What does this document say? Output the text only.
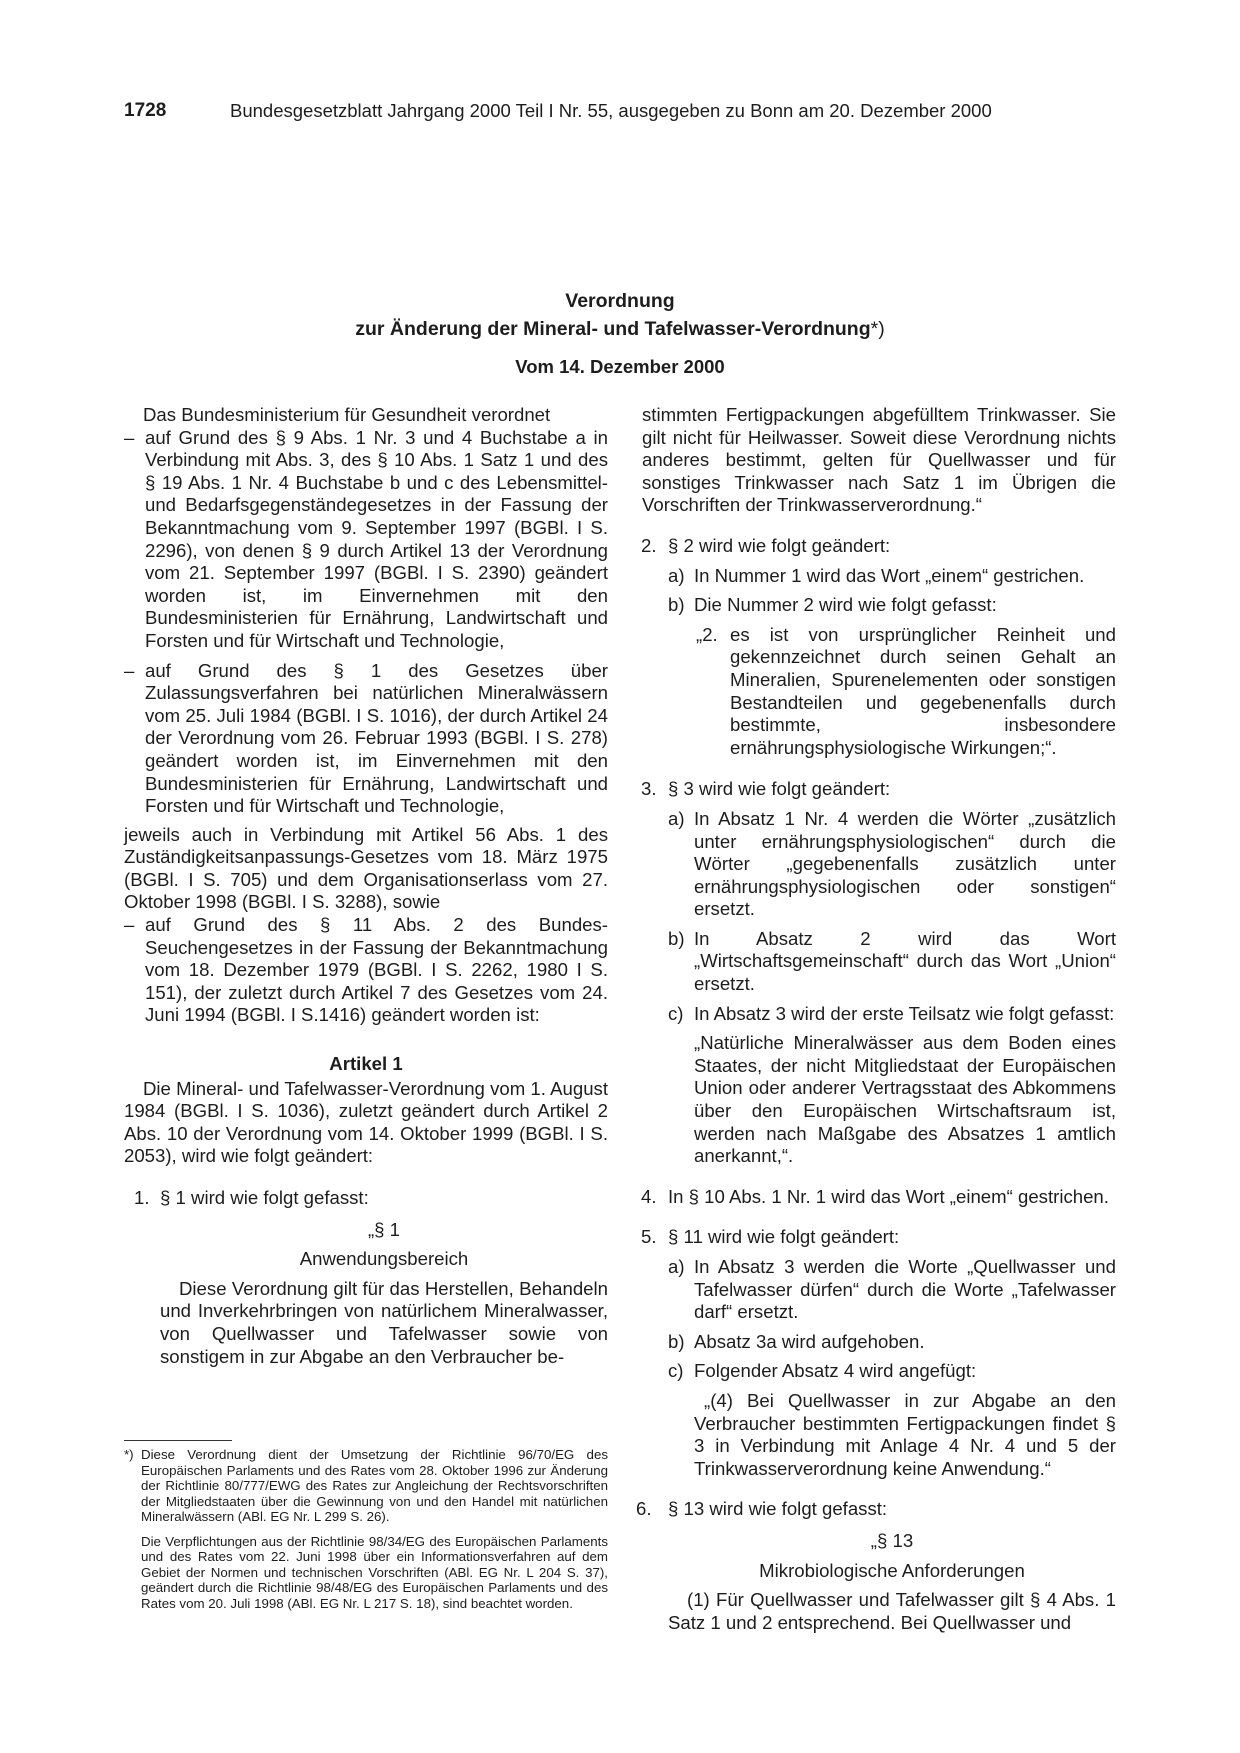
1728	Bundesgesetzblatt Jahrgang 2000 Teil I Nr. 55, ausgegeben zu Bonn am 20. Dezember 2000
Verordnung
zur Änderung der Mineral- und Tafelwasser-Verordnung*)
Vom 14. Dezember 2000

Das Bundesministerium für Gesundheit verordnet

– auf Grund des § 9 Abs. 1 Nr. 3 und 4 Buchstabe a in Verbindung mit Abs. 3, des § 10 Abs. 1 Satz 1 und des § 19 Abs. 1 Nr. 4 Buchstabe b und c des Lebensmittel- und Bedarfsgegenständegesetzes in der Fassung der Bekanntmachung vom 9. September 1997 (BGBl. I S. 2296), von denen § 9 durch Artikel 13 der Verordnung vom 21. September 1997 (BGBl. I S. 2390) geändert worden ist, im Einvernehmen mit den Bundesministerien für Ernährung, Landwirtschaft und Forsten und für Wirtschaft und Technologie,

– auf Grund des § 1 des Gesetzes über Zulassungsverfahren bei natürlichen Mineralwässern vom 25. Juli 1984 (BGBl. I S. 1016), der durch Artikel 24 der Verordnung vom 26. Februar 1993 (BGBl. I S. 278) geändert worden ist, im Einvernehmen mit den Bundesministerien für Ernährung, Landwirtschaft und Forsten und für Wirtschaft und Technologie,

jeweils auch in Verbindung mit Artikel 56 Abs. 1 des Zuständigkeitsanpassungs-Gesetzes vom 18. März 1975 (BGBl. I S. 705) und dem Organisationserlass vom 27. Oktober 1998 (BGBl. I S. 3288), sowie

– auf Grund des § 11 Abs. 2 des Bundes-Seuchengesetzes in der Fassung der Bekanntmachung vom 18. Dezember 1979 (BGBl. I S. 2262, 1980 I S. 151), der zuletzt durch Artikel 7 des Gesetzes vom 24. Juni 1994 (BGBl. I S.1416) geändert worden ist:

Artikel 1

Die Mineral- und Tafelwasser-Verordnung vom 1. August 1984 (BGBl. I S. 1036), zuletzt geändert durch Artikel 2 Abs. 10 der Verordnung vom 14. Oktober 1999 (BGBl. I S. 2053), wird wie folgt geändert:

1. § 1 wird wie folgt gefasst:

„§ 1

Anwendungsbereich

Diese Verordnung gilt für das Herstellen, Behandeln und Inverkehrbringen von natürlichem Mineralwasser, von Quellwasser und Tafelwasser sowie von sonstigem in zur Abgabe an den Verbraucher be-

*) Diese Verordnung dient der Umsetzung der Richtlinie 96/70/EG des Europäischen Parlaments und des Rates vom 28. Oktober 1996 zur Änderung der Richtlinie 80/777/EWG des Rates zur Angleichung der Rechtsvorschriften der Mitgliedstaaten über die Gewinnung von und den Handel mit natürlichen Mineralwässern (ABl. EG Nr. L 299 S. 26).

Die Verpflichtungen aus der Richtlinie 98/34/EG des Europäischen Parlaments und des Rates vom 22. Juni 1998 über ein Informationsverfahren auf dem Gebiet der Normen und technischen Vorschriften (ABl. EG Nr. L 204 S. 37), geändert durch die Richtlinie 98/48/EG des Europäischen Parlaments und des Rates vom 20. Juli 1998 (ABl. EG Nr. L 217 S. 18), sind beachtet worden.

stimmten Fertigpackungen abgefülltem Trinkwasser. Sie gilt nicht für Heilwasser. Soweit diese Verordnung nichts anderes bestimmt, gelten für Quellwasser und für sonstiges Trinkwasser nach Satz 1 im Übrigen die Vorschriften der Trinkwasserverordnung.“

2. § 2 wird wie folgt geändert:

a) In Nummer 1 wird das Wort „einem“ gestrichen.

b) Die Nummer 2 wird wie folgt gefasst:

„2. es ist von ursprünglicher Reinheit und gekennzeichnet durch seinen Gehalt an Mineralien, Spurenelementen oder sonstigen Bestandteilen und gegebenenfalls durch bestimmte, insbesondere ernährungsphysiologische Wirkungen;“.

3. § 3 wird wie folgt geändert:

a) In Absatz 1 Nr. 4 werden die Wörter „zusätzlich unter ernährungsphysiologischen“ durch die Wörter „gegebenenfalls zusätzlich unter ernährungsphysiologischen oder sonstigen“ ersetzt.

b) In Absatz 2 wird das Wort „Wirtschaftsgemeinschaft“ durch das Wort „Union“ ersetzt.

c) In Absatz 3 wird der erste Teilsatz wie folgt gefasst:

„Natürliche Mineralwässer aus dem Boden eines Staates, der nicht Mitgliedstaat der Europäischen Union oder anderer Vertragsstaat des Abkommens über den Europäischen Wirtschaftsraum ist, werden nach Maßgabe des Absatzes 1 amtlich anerkannt,“.

4. In § 10 Abs. 1 Nr. 1 wird das Wort „einem“ gestrichen.

5. § 11 wird wie folgt geändert:

a) In Absatz 3 werden die Worte „Quellwasser und Tafelwasser dürfen“ durch die Worte „Tafelwasser darf“ ersetzt.

b) Absatz 3a wird aufgehoben.

c) Folgender Absatz 4 wird angefügt:

„(4) Bei Quellwasser in zur Abgabe an den Verbraucher bestimmten Fertigpackungen findet § 3 in Verbindung mit Anlage 4 Nr. 4 und 5 der Trinkwasserverordnung keine Anwendung.“

6. § 13 wird wie folgt gefasst:

„§ 13

Mikrobiologische Anforderungen

(1) Für Quellwasser und Tafelwasser gilt § 4 Abs. 1 Satz 1 und 2 entsprechend. Bei Quellwasser und
